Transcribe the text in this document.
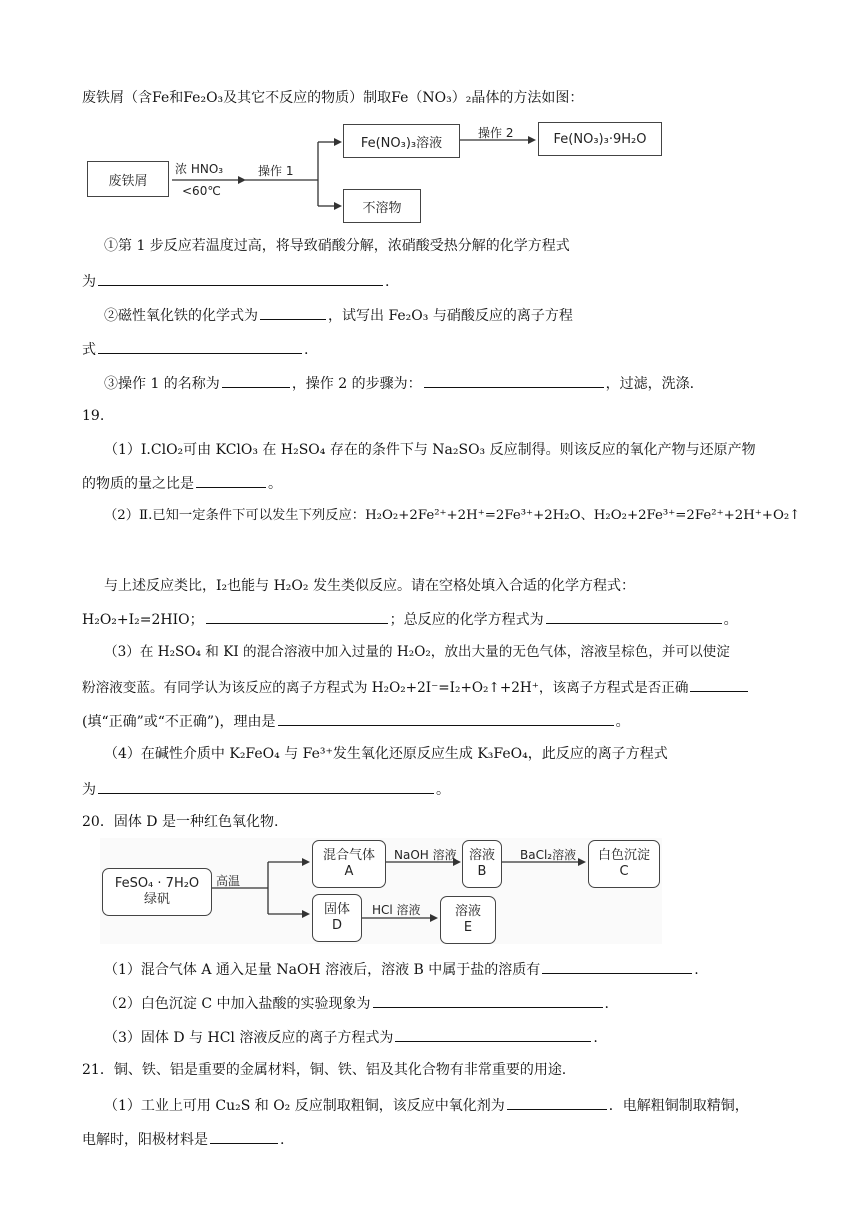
废铁屑（含Fe和Fe₂O₃及其它不反应的物质）制取Fe（NO₃）₂晶体的方法如图：
废铁屑
浓 HNO₃
<60℃
操作 1
Fe(NO₃)₃溶液
操作 2	Fe(NO₃)₃·9H₂O
不溶物
①第 1 步反应若温度过高，将导致硝酸分解，浓硝酸受热分解的化学方程式
为	.
②磁性氧化铁的化学式为	，试写出 Fe₂O₃ 与硝酸反应的离子方程
式	.
③操作 1 的名称为	，操作 2 的步骤为：	，过滤，洗涤.
19.
（1）Ⅰ.ClO₂可由 KClO₃ 在 H₂SO₄ 存在的条件下与 Na₂SO₃ 反应制得。则该反应的氧化产物与还原产物
的物质的量之比是	。
（2）Ⅱ.已知一定条件下可以发生下列反应：H₂O₂+2Fe²⁺+2H⁺=2Fe³⁺+2H₂O、H₂O₂+2Fe³⁺=2Fe²⁺+2H⁺+O₂↑
与上述反应类比，I₂也能与 H₂O₂ 发生类似反应。请在空格处填入合适的化学方程式：
H₂O₂+I₂=2HIO；	；总反应的化学方程式为	。
（3）在 H₂SO₄ 和 KI 的混合溶液中加入过量的 H₂O₂，放出大量的无色气体，溶液呈棕色，并可以使淀
粉溶液变蓝。有同学认为该反应的离子方程式为 H₂O₂+2I⁻=I₂+O₂↑+2H⁺，该离子方程式是否正确
(填“正确”或“不正确”)，理由是	。
（4）在碱性介质中 K₂FeO₄ 与 Fe³⁺发生氧化还原反应生成 K₃FeO₄，此反应的离子方程式
为	。
20．固体 D 是一种红色氧化物.
FeSO₄ · 7H₂O
绿矾
高温
混合气体
A
NaOH 溶液 溶液
B
BaCl₂溶液 白色沉淀
C
固体
D
HCl 溶液	溶液
E
（1）混合气体 A 通入足量 NaOH 溶液后，溶液 B 中属于盐的溶质有	.
（2）白色沉淀 C 中加入盐酸的实验现象为	.
（3）固体 D 与 HCl 溶液反应的离子方程式为	.
21．铜、铁、铝是重要的金属材料，铜、铁、铝及其化合物有非常重要的用途.
（1）工业上可用 Cu₂S 和 O₂ 反应制取粗铜，该反应中氧化剂为	．电解粗铜制取精铜，
电解时，阳极材料是	.
